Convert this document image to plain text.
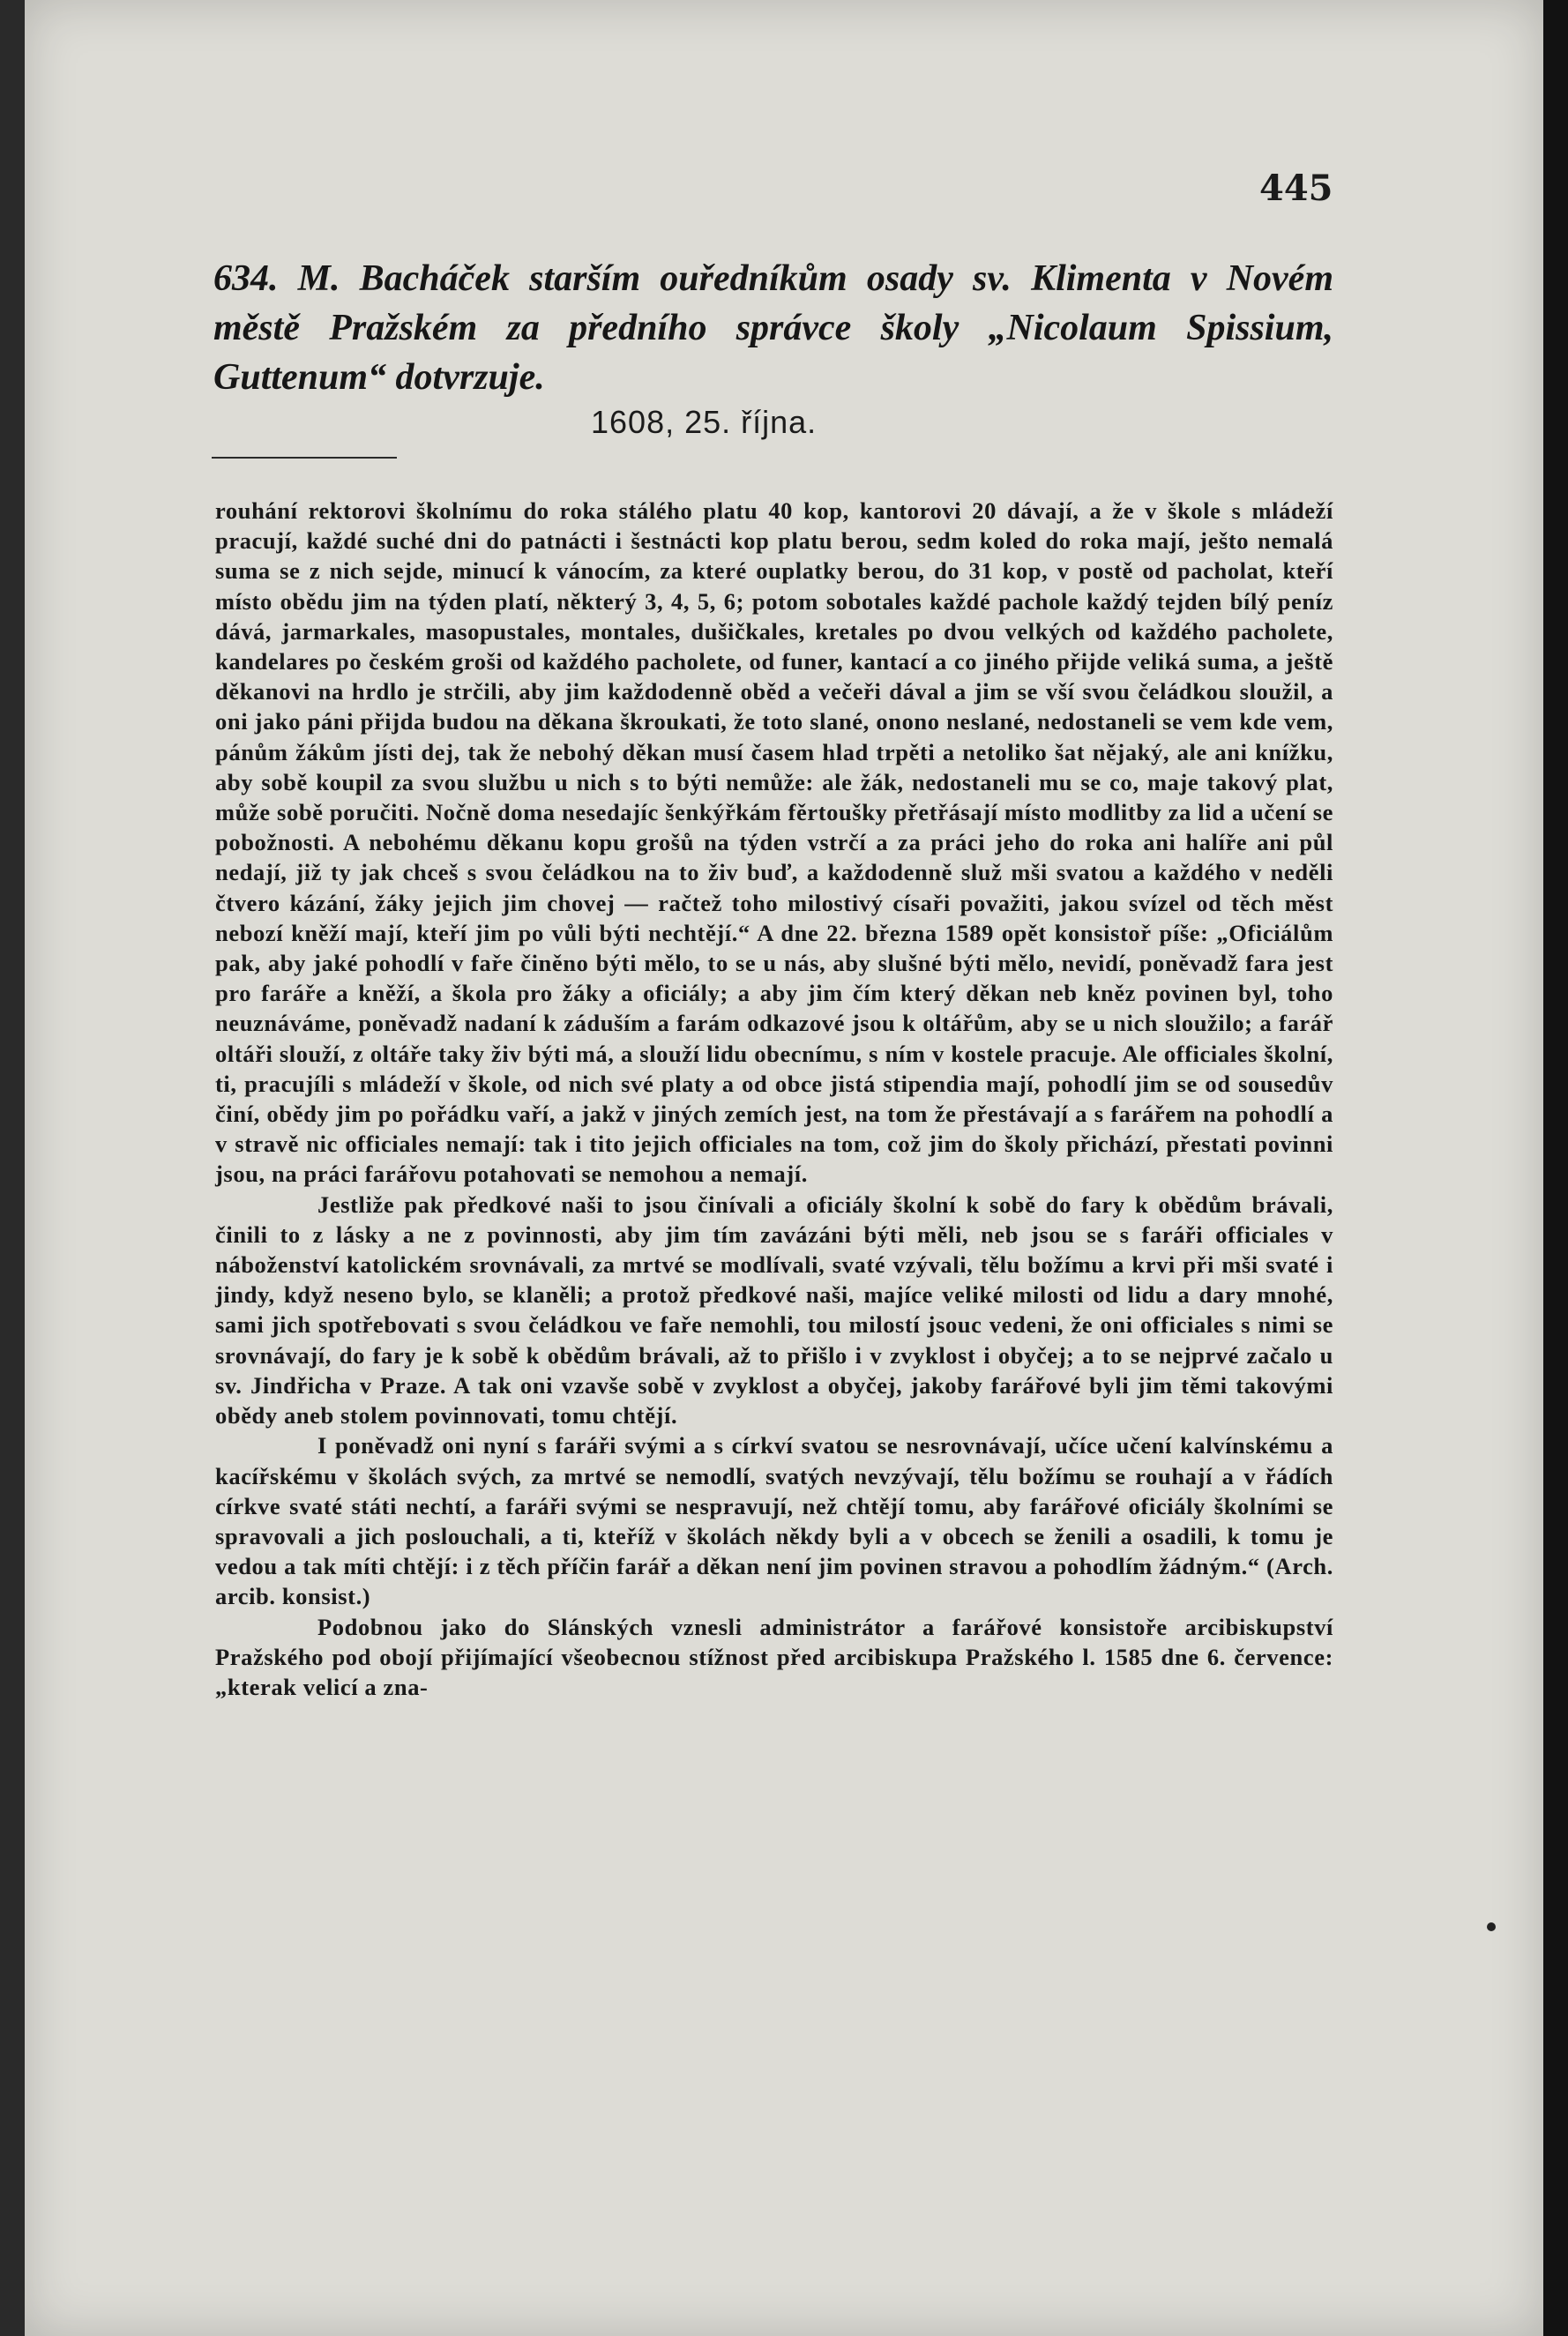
445
634. M. Bacháček starším ouředníkům osady sv. Klimenta v Novém městě Pražském za předního správce školy „Nicolaum Spissium, Guttenum“ dotvrzuje.
1608, 25. října.

rouhání rektorovi školnímu do roka stálého platu 40 kop, kantorovi 20 dávají, a že v škole s mládeží pracují, každé suché dni do patnácti i šestnácti kop platu berou, sedm koled do roka mají, ješto nemalá suma se z nich sejde, minucí k vánocím, za které ouplatky berou, do 31 kop, v postě od pacholat, kteří místo obědu jim na týden platí, některý 3, 4, 5, 6; potom sobotales každé pachole každý tejden bílý peníz dává, jarmarkales, masopustales, montales, dušičkales, kretales po dvou velkých od každého pacholete, kandelares po českém groši od každého pacholete, od funer, kantací a co jiného přijde veliká suma, a ještě děkanovi na hrdlo je strčili, aby jim každodenně oběd a večeři dával a jim se vší svou čeládkou sloužil, a oni jako páni přijda budou na děkana škroukati, že toto slané, onono neslané, nedostaneli se vem kde vem, pánům žákům jísti dej, tak že nebohý děkan musí časem hlad trpěti a netoliko šat nějaký, ale ani knížku, aby sobě koupil za svou službu u nich s to býti nemůže: ale žák, nedostaneli mu se co, maje takový plat, může sobě poručiti. Nočně doma nesedajíc šenkýřkám fěrtoušky přetřásají místo modlitby za lid a učení se pobožnosti. A nebohému děkanu kopu grošů na týden vstrčí a za práci jeho do roka ani halíře ani půl nedají, již ty jak chceš s svou čeládkou na to živ buď, a každodenně služ mši svatou a každého v neděli čtvero kázání, žáky jejich jim chovej — račtež toho milostivý císaři považiti, jakou svízel od těch měst nebozí kněží mají, kteří jim po vůli býti nechtějí.“ A dne 22. března 1589 opět konsistoř píše: „Oficiálům pak, aby jaké pohodlí v faře činěno býti mělo, to se u nás, aby slušné býti mělo, nevidí, poněvadž fara jest pro faráře a kněží, a škola pro žáky a oficiály; a aby jim čím který děkan neb kněz povinen byl, toho neuznáváme, poněvadž nadaní k záduším a farám odkazové jsou k oltářům, aby se u nich sloužilo; a farář oltáři slouží, z oltáře taky živ býti má, a slouží lidu obecnímu, s ním v kostele pracuje. Ale officiales školní, ti, pracujíli s mládeží v škole, od nich své platy a od obce jistá stipendia mají, pohodlí jim se od sousedův činí, obědy jim po pořádku vaří, a jakž v jiných zemích jest, na tom že přestávají a s farářem na pohodlí a v stravě nic officiales nemají: tak i tito jejich officiales na tom, což jim do školy přichází, přestati povinni jsou, na práci farářovu potahovati se nemohou a nemají.

Jestliže pak předkové naši to jsou činívali a oficiály školní k sobě do fary k obědům brávali, činili to z lásky a ne z povinnosti, aby jim tím zavázáni býti měli, neb jsou se s faráři officiales v náboženství katolickém srovnávali, za mrtvé se modlívali, svaté vzývali, tělu božímu a krvi při mši svaté i jindy, když neseno bylo, se klaněli; a protož předkové naši, majíce veliké milosti od lidu a dary mnohé, sami jich spotřebovati s svou čeládkou ve faře nemohli, tou milostí jsouc vedeni, že oni officiales s nimi se srovnávají, do fary je k sobě k obědům brávali, až to přišlo i v zvyklost i obyčej; a to se nejprvé začalo u sv. Jindřicha v Praze. A tak oni vzavše sobě v zvyklost a obyčej, jakoby farářové byli jim těmi takovými obědy aneb stolem povinnovati, tomu chtějí.

I poněvadž oni nyní s faráři svými a s církví svatou se nesrovnávají, učíce učení kalvínskému a kacířskému v školách svých, za mrtvé se nemodlí, svatých nevzývají, tělu božímu se rouhají a v řádích církve svaté státi nechtí, a faráři svými se nespravují, než chtějí tomu, aby farářové oficiály školními se spravovali a jich poslouchali, a ti, kteříž v školách někdy byli a v obcech se ženili a osadili, k tomu je vedou a tak míti chtějí: i z těch příčin farář a děkan není jim povinen stravou a pohodlím žádným.“ (Arch. arcib. konsist.)

Podobnou jako do Slánských vznesli administrátor a farářové konsistoře arcibiskupství Pražského pod obojí přijímající všeobecnou stížnost před arcibiskupa Pražského l. 1585 dne 6. července: „kterak velicí a zna-
